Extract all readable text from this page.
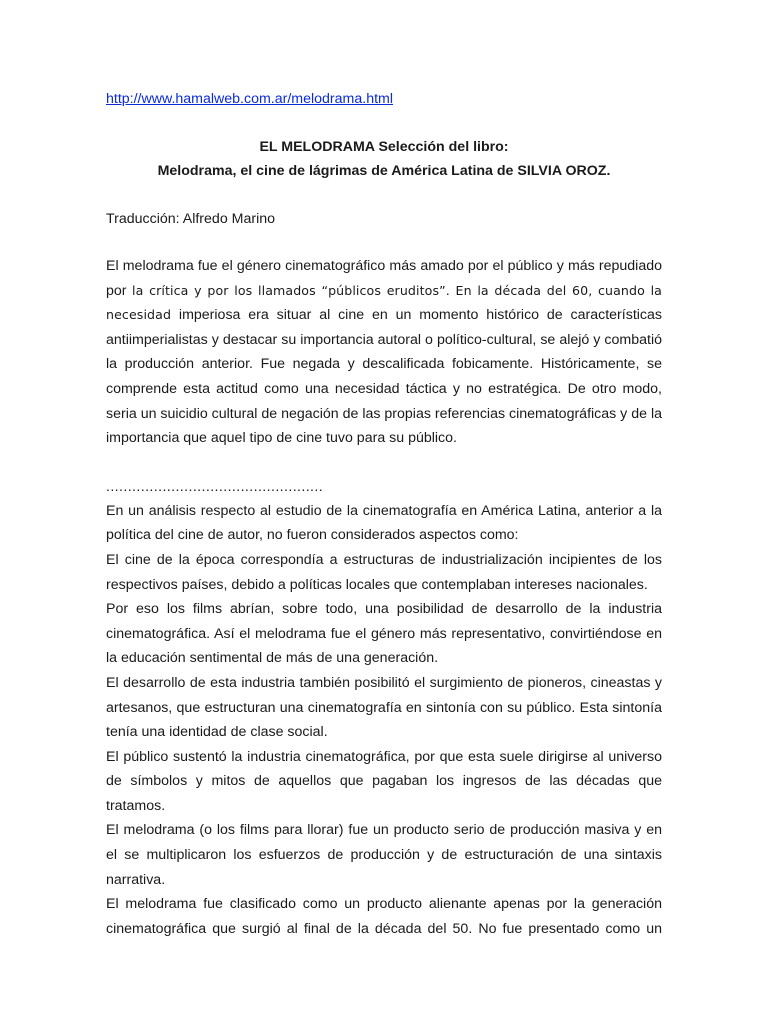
http://www.hamalweb.com.ar/melodrama.html
EL MELODRAMA Selección del libro:
Melodrama, el cine de lágrimas de América Latina de SILVIA OROZ.
Traducción: Alfredo Marino

El melodrama fue el género cinematográfico más amado por el público y más repudiado por la crítica y por los llamados “públicos eruditos”. En la década del 60, cuando la necesidad imperiosa era situar al cine en un momento histórico de características antiimperialistas y destacar su importancia autoral o político-cultural, se alejó y combatió la producción anterior. Fue negada y descalificada fobicamente. Históricamente, se comprende esta actitud como una necesidad táctica y no estratégica. De otro modo, seria un suicidio cultural de negación de las propias referencias cinematográficas y de la importancia que aquel tipo de cine tuvo para su público.

..................................................

En un análisis respecto al estudio de la cinematografía en América Latina, anterior a la política del cine de autor, no fueron considerados aspectos como:

El cine de la época correspondía a estructuras de industrialización incipientes de los respectivos países, debido a políticas locales que contemplaban intereses nacionales.

Por eso los films abrían, sobre todo, una posibilidad de desarrollo de la industria cinematográfica. Así el melodrama fue el género más representativo, convirtiéndose en la educación sentimental de más de una generación.

El desarrollo de esta industria también posibilitó el surgimiento de pioneros, cineastas y artesanos, que estructuran una cinematografía en sintonía con su público. Esta sintonía tenía una identidad de clase social.

El público sustentó la industria cinematográfica, por que esta suele dirigirse al universo de símbolos y mitos de aquellos que pagaban los ingresos de las décadas que tratamos.

El melodrama (o los films para llorar) fue un producto serio de producción masiva y en el se multiplicaron los esfuerzos de producción y de estructuración de una sintaxis narrativa.

El melodrama fue clasificado como un producto alienante apenas por la generación cinematográfica que surgió al final de la década del 50. No fue presentado como un
